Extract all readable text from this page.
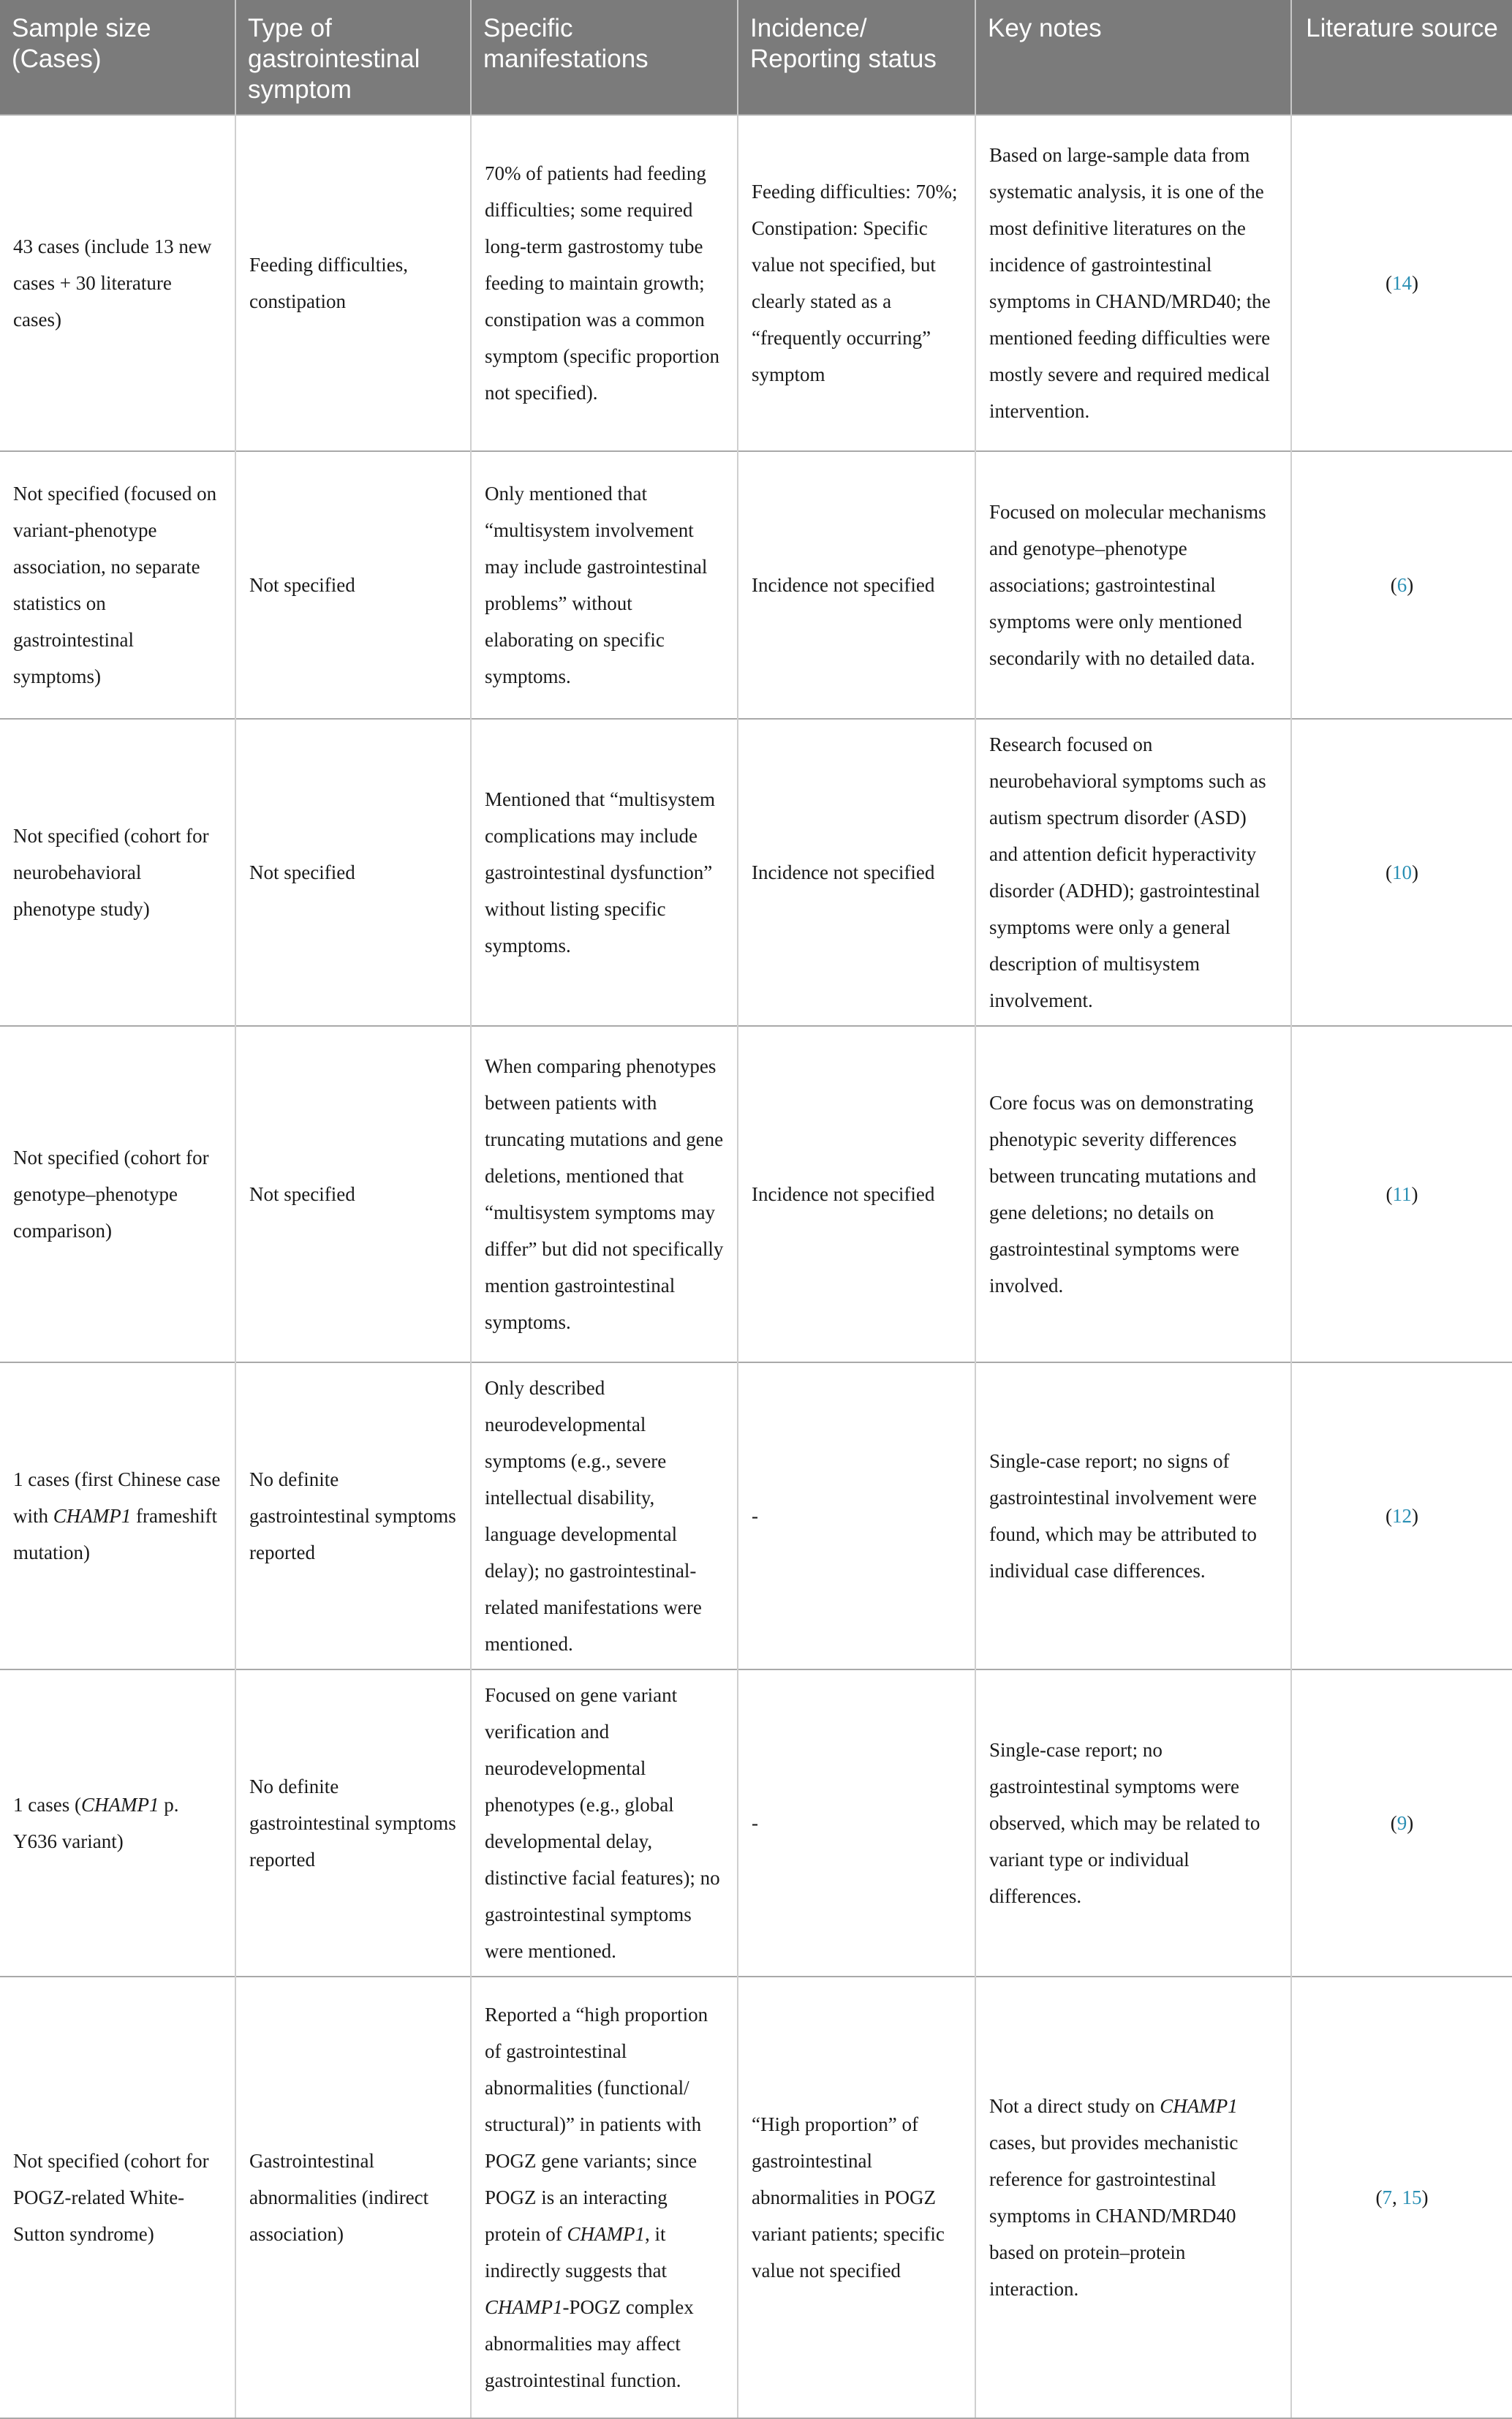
Sample size (Cases)	Type of gastrointestinal symptom	Specific manifestations	Incidence/ Reporting status	Key notes	Literature source
43 cases (include 13 new cases + 30 literature cases)	Feeding difficulties, constipation	70% of patients had feeding difficulties; some required long-term gastrostomy tube feeding to maintain growth; constipation was a common symptom (specific proportion not specified).	Feeding difficulties: 70%; Constipation: Specific value not specified, but clearly stated as a “frequently occurring” symptom	Based on large-sample data from systematic analysis, it is one of the most definitive literatures on the incidence of gastrointestinal symptoms in CHAND/MRD40; the mentioned feeding difficulties were mostly severe and required medical intervention.	(14)
Not specified (focused on variant-phenotype association, no separate statistics on gastrointestinal symptoms)	Not specified	Only mentioned that “multisystem involvement may include gastrointestinal problems” without elaborating on specific symptoms.	Incidence not specified	Focused on molecular mechanisms and genotype–phenotype associations; gastrointestinal symptoms were only mentioned secondarily with no detailed data.	(6)
Not specified (cohort for neurobehavioral phenotype study)	Not specified	Mentioned that “multisystem complications may include gastrointestinal dysfunction” without listing specific symptoms.	Incidence not specified	Research focused on neurobehavioral symptoms such as autism spectrum disorder (ASD) and attention deficit hyperactivity disorder (ADHD); gastrointestinal symptoms were only a general description of multisystem involvement.	(10)
Not specified (cohort for genotype–phenotype comparison)	Not specified	When comparing phenotypes between patients with truncating mutations and gene deletions, mentioned that “multisystem symptoms may differ” but did not specifically mention gastrointestinal symptoms.	Incidence not specified	Core focus was on demonstrating phenotypic severity differences between truncating mutations and gene deletions; no details on gastrointestinal symptoms were involved.	(11)
1 cases (first Chinese case with CHAMP1 frameshift mutation)	No definite gastrointestinal symptoms reported	Only described neurodevelopmental symptoms (e.g., severe intellectual disability, language developmental delay); no gastrointestinal-related manifestations were mentioned.	-	Single-case report; no signs of gastrointestinal involvement were found, which may be attributed to individual case differences.	(12)
1 cases (CHAMP1 p. Y636 variant)	No definite gastrointestinal symptoms reported	Focused on gene variant verification and neurodevelopmental phenotypes (e.g., global developmental delay, distinctive facial features); no gastrointestinal symptoms were mentioned.	-	Single-case report; no gastrointestinal symptoms were observed, which may be related to variant type or individual differences.	(9)
Not specified (cohort for POGZ-related White-Sutton syndrome)	Gastrointestinal abnormalities (indirect association)	Reported a “high proportion of gastrointestinal abnormalities (functional/ structural)” in patients with POGZ gene variants; since POGZ is an interacting protein of CHAMP1, it indirectly suggests that CHAMP1-POGZ complex abnormalities may affect gastrointestinal function.	“High proportion” of gastrointestinal abnormalities in POGZ variant patients; specific value not specified	Not a direct study on CHAMP1 cases, but provides mechanistic reference for gastrointestinal symptoms in CHAND/MRD40 based on protein–protein interaction.	(7, 15)
